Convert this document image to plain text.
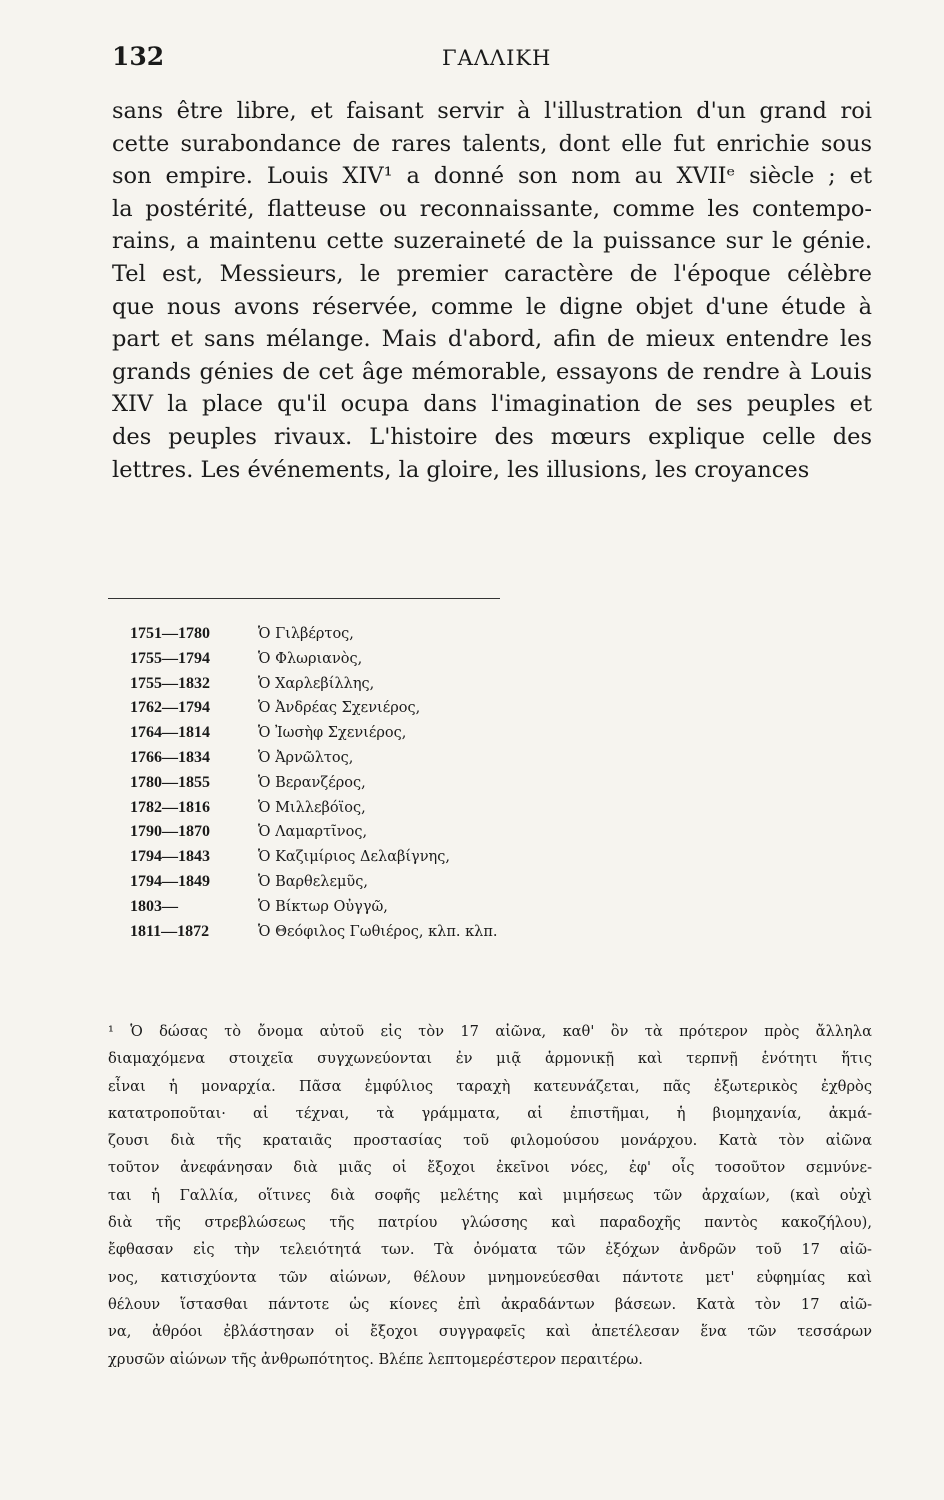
132	ΓΑΛΛΙΚΗ
sans être libre, et faisant servir à l'illustration d'un grand roi
cette surabondance de rares talents, dont elle fut enrichie sous
son empire. Louis XIV¹ a donné son nom au XVIIᵉ siècle ; et
la postérité, flatteuse ou reconnaissante, comme les contempo-
rains, a maintenu cette suzeraineté de la puissance sur le génie.
Tel est, Messieurs, le premier caractère de l'époque célèbre
que nous avons réservée, comme le digne objet d'une étude à
part et sans mélange. Mais d'abord, afin de mieux entendre les
grands génies de cet âge mémorable, essayons de rendre à Louis
XIV la place qu'il ocupa dans l'imagination de ses peuples et
des peuples rivaux. L'histoire des mœurs explique celle des
lettres. Les événements, la gloire, les illusions, les croyances
1751—1780	Ὁ Γιλβέρτος,
1755—1794	Ὁ Φλωριανὸς,
1755—1832	Ὁ Χαρλεβίλλης,
1762—1794	Ὁ Ἀνδρέας Σχενιέρος,
1764—1814	Ὁ Ἰωσὴφ Σχενιέρος,
1766—1834	Ὁ Ἀρνῶλτος,
1780—1855	Ὁ Βερανζέρος,
1782—1816	Ὁ Μιλλεβόϊος,
1790—1870	Ὁ Λαμαρτῖνος,
1794—1843	Ὁ Καζιμίριος Δελαβίγνης,
1794—1849	Ὁ Βαρθελεμῦς,
1803—	Ὁ Βίκτωρ Οὐγγῶ,
1811—1872	Ὁ Θεόφιλος Γωθιέρος, κλπ. κλπ.
¹ Ὁ δώσας τὸ ὄνομα αὐτοῦ εἰς τὸν 17 αἰῶνα, καθ' ὃν τὰ πρότερον πρὸς ἄλληλα
διαμαχόμενα στοιχεῖα συγχωνεύονται ἐν μιᾷ ἁρμονικῇ καὶ τερπνῇ ἑνότητι ἥτις
εἶναι ἡ μοναρχία. Πᾶσα ἐμφύλιος ταραχὴ κατευνάζεται, πᾶς ἐξωτερικὸς ἐχθρὸς
κατατροποῦται· αἱ τέχναι, τὰ γράμματα, αἱ ἐπιστῆμαι, ἡ βιομηχανία, ἀκμά-
ζουσι διὰ τῆς κραταιᾶς προστασίας τοῦ φιλομούσου μονάρχου. Κατὰ τὸν αἰῶνα
τοῦτον ἀνεφάνησαν διὰ μιᾶς οἱ ἔξοχοι ἐκεῖνοι νόες, ἐφ' οἷς τοσοῦτον σεμνύνε-
ται ἡ Γαλλία, οἵτινες διὰ σοφῆς μελέτης καὶ μιμήσεως τῶν ἀρχαίων, (καὶ οὐχὶ
διὰ τῆς στρεβλώσεως τῆς πατρίου γλώσσης καὶ παραδοχῆς παντὸς κακοζήλου),
ἔφθασαν εἰς τὴν τελειότητά των. Τὰ ὀνόματα τῶν ἐξόχων ἀνδρῶν τοῦ 17 αἰῶ-
νος, κατισχύοντα τῶν αἰώνων, θέλουν μνημονεύεσθαι πάντοτε μετ' εὐφημίας καὶ
θέλουν ἵστασθαι πάντοτε ὡς κίονες ἐπὶ ἀκραδάντων βάσεων. Κατὰ τὸν 17 αἰῶ-
να, ἀθρόοι ἐβλάστησαν οἱ ἔξοχοι συγγραφεῖς καὶ ἀπετέλεσαν ἕνα τῶν τεσσάρων
χρυσῶν αἰώνων τῆς ἀνθρωπότητος. Βλέπε λεπτομερέστερον περαιτέρω.
